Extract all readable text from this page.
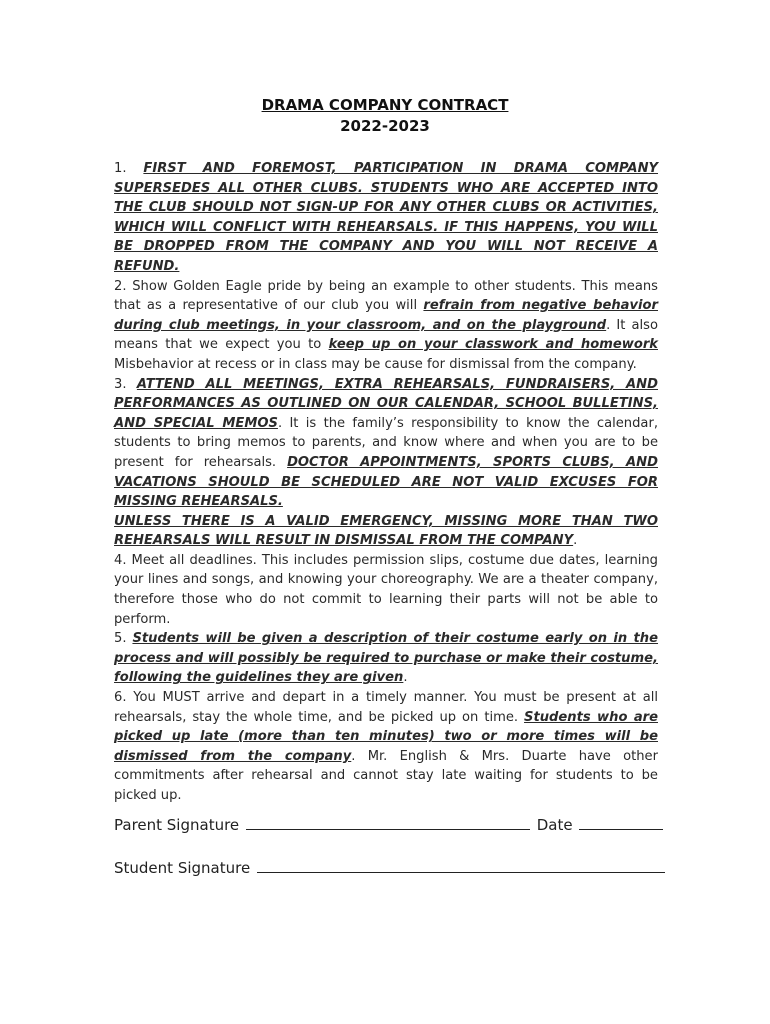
DRAMA COMPANY CONTRACT
2022-2023

1. FIRST AND FOREMOST, PARTICIPATION IN DRAMA COMPANY SUPERSEDES ALL OTHER CLUBS. STUDENTS WHO ARE ACCEPTED INTO THE CLUB SHOULD NOT SIGN-UP FOR ANY OTHER CLUBS OR ACTIVITIES, WHICH WILL CONFLICT WITH REHEARSALS. IF THIS HAPPENS, YOU WILL BE DROPPED FROM THE COMPANY AND YOU WILL NOT RECEIVE A REFUND.

2. Show Golden Eagle pride by being an example to other students. This means that as a representative of our club you will refrain from negative behavior during club meetings, in your classroom, and on the playground. It also means that we expect you to keep up on your classwork and homework Misbehavior at recess or in class may be cause for dismissal from the company.

3. ATTEND ALL MEETINGS, EXTRA REHEARSALS, FUNDRAISERS, AND PERFORMANCES AS OUTLINED ON OUR CALENDAR, SCHOOL BULLETINS, AND SPECIAL MEMOS. It is the family’s responsibility to know the calendar, students to bring memos to parents, and know where and when you are to be present for rehearsals. DOCTOR APPOINTMENTS, SPORTS CLUBS, AND VACATIONS SHOULD BE SCHEDULED ARE NOT VALID EXCUSES FOR MISSING REHEARSALS.

UNLESS THERE IS A VALID EMERGENCY, MISSING MORE THAN TWO REHEARSALS WILL RESULT IN DISMISSAL FROM THE COMPANY.

4. Meet all deadlines. This includes permission slips, costume due dates, learning your lines and songs, and knowing your choreography. We are a theater company, therefore those who do not commit to learning their parts will not be able to perform.

5. Students will be given a description of their costume early on in the process and will possibly be required to purchase or make their costume, following the guidelines they are given.

6. You MUST arrive and depart in a timely manner. You must be present at all rehearsals, stay the whole time, and be picked up on time. Students who are picked up late (more than ten minutes) two or more times will be dismissed from the company. Mr. English & Mrs. Duarte have other commitments after rehearsal and cannot stay late waiting for students to be picked up.

Parent Signature	Date
Student Signature
